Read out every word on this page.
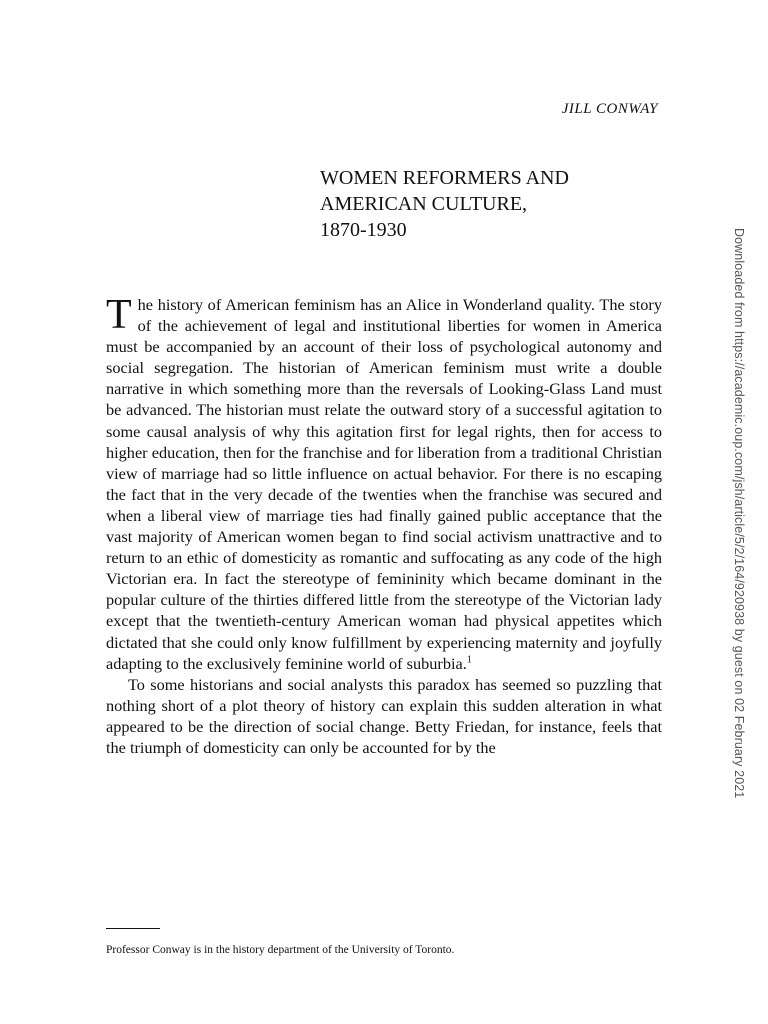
JILL CONWAY
WOMEN REFORMERS AND
AMERICAN CULTURE,
1870-1930

The history of American feminism has an Alice in Wonderland quality. The story of the achievement of legal and institutional liberties for women in America must be accompanied by an account of their loss of psychological autonomy and social segregation. The historian of American feminism must write a double narrative in which something more than the reversals of Looking-Glass Land must be advanced. The historian must relate the outward story of a successful agitation to some causal analysis of why this agitation first for legal rights, then for access to higher education, then for the franchise and for liberation from a traditional Christian view of marriage had so little influence on actual behavior. For there is no escaping the fact that in the very decade of the twenties when the franchise was secured and when a liberal view of marriage ties had finally gained public acceptance that the vast majority of American women began to find social activism unattractive and to return to an ethic of domesticity as romantic and suffocating as any code of the high Victorian era. In fact the stereotype of femininity which became dominant in the popular culture of the thirties differed little from the stereotype of the Victorian lady except that the twentieth-century American woman had physical appetites which dictated that she could only know fulfillment by experiencing maternity and joyfully adapting to the exclusively feminine world of suburbia.$^1$

To some historians and social analysts this paradox has seemed so puzzling that nothing short of a plot theory of history can explain this sudden alteration in what appeared to be the direction of social change. Betty Friedan, for instance, feels that the triumph of domesticity can only be accounted for by the

Professor Conway is in the history department of the University of Toronto.
Downloaded from https://academic.oup.com/jsh/article/5/2/164/920938 by guest on 02 February 2021
